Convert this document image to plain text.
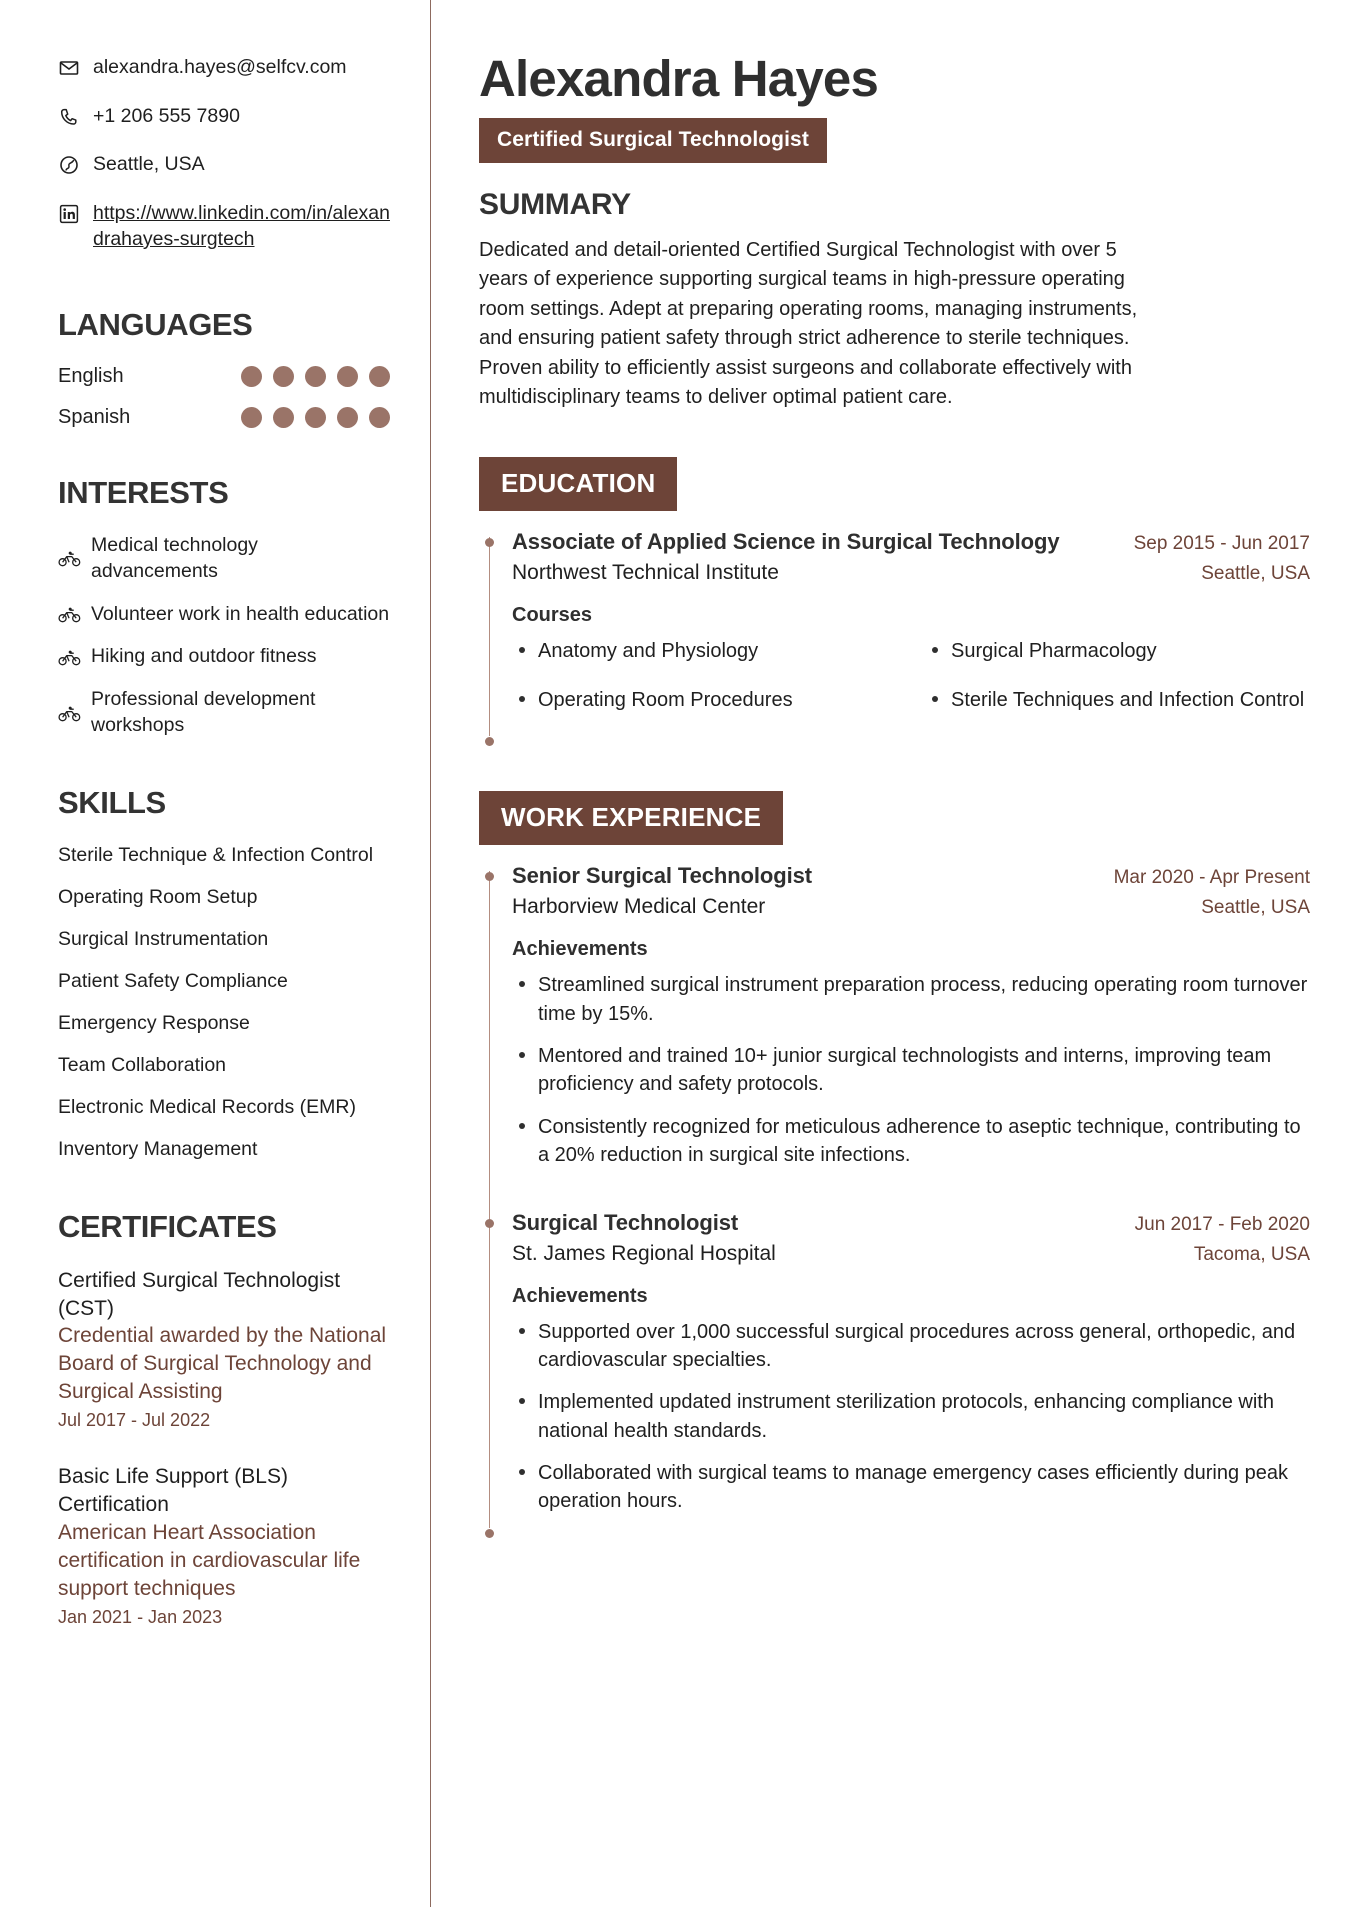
alexandra.hayes@selfcv.com
+1 206 555 7890
Seattle, USA
https://www.linkedin.com/in/alexandrahayes-surgtech
LANGUAGES
English
Spanish
INTERESTS
Medical technology advancements
Volunteer work in health education
Hiking and outdoor fitness
Professional development workshops
SKILLS
Sterile Technique & Infection Control
Operating Room Setup
Surgical Instrumentation
Patient Safety Compliance
Emergency Response
Team Collaboration
Electronic Medical Records (EMR)
Inventory Management
CERTIFICATES
Certified Surgical Technologist (CST)
Credential awarded by the National Board of Surgical Technology and Surgical Assisting
Jul 2017 - Jul 2022
Basic Life Support (BLS) Certification
American Heart Association certification in cardiovascular life support techniques
Jan 2021 - Jan 2023
Alexandra Hayes
Certified Surgical Technologist
SUMMARY

Dedicated and detail-oriented Certified Surgical Technologist with over 5 years of experience supporting surgical teams in high-pressure operating room settings. Adept at preparing operating rooms, managing instruments, and ensuring patient safety through strict adherence to sterile techniques. Proven ability to efficiently assist surgeons and collaborate effectively with multidisciplinary teams to deliver optimal patient care.

EDUCATION
Associate of Applied Science in Surgical Technology	Sep 2015 - Jun 2017
Northwest Technical Institute	Seattle, USA
Courses
Anatomy and Physiology
Operating Room Procedures
Surgical Pharmacology
Sterile Techniques and Infection Control
WORK EXPERIENCE
Senior Surgical Technologist	Mar 2020 - Apr Present
Harborview Medical Center	Seattle, USA
Achievements
Streamlined surgical instrument preparation process, reducing operating room turnover time by 15%.
Mentored and trained 10+ junior surgical technologists and interns, improving team proficiency and safety protocols.
Consistently recognized for meticulous adherence to aseptic technique, contributing to a 20% reduction in surgical site infections.
Surgical Technologist	Jun 2017 - Feb 2020
St. James Regional Hospital	Tacoma, USA
Achievements
Supported over 1,000 successful surgical procedures across general, orthopedic, and cardiovascular specialties.
Implemented updated instrument sterilization protocols, enhancing compliance with national health standards.
Collaborated with surgical teams to manage emergency cases efficiently during peak operation hours.
